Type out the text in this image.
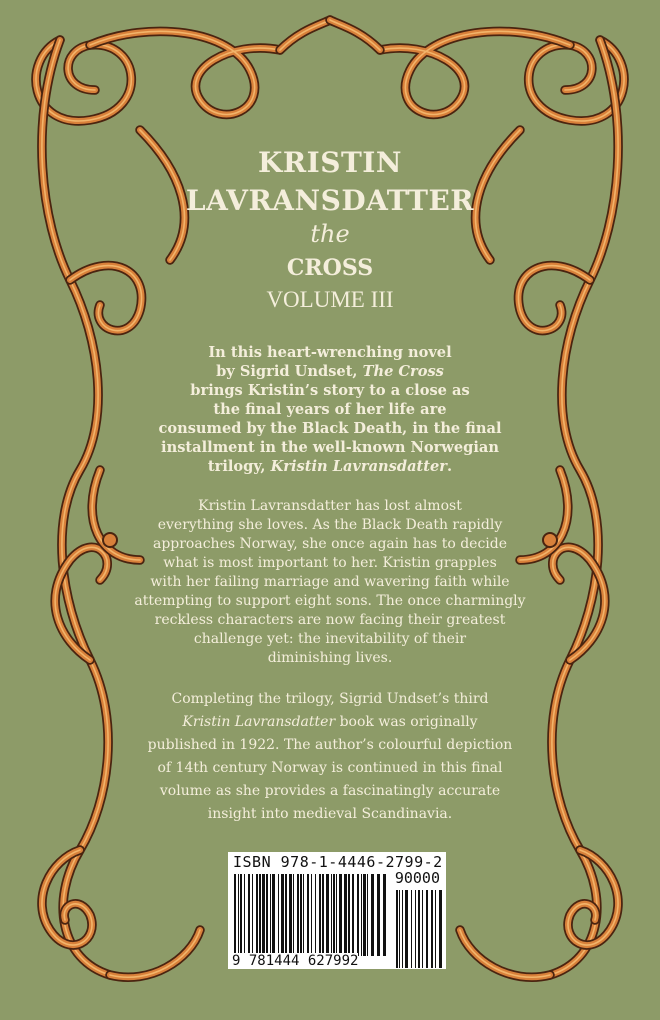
KRISTIN
LAVRANSDATTER
the
CROSS
VOLUME III
In this heart-wrenching novel
by Sigrid Undset, The Cross
brings Kristin’s story to a close as
the final years of her life are
consumed by the Black Death, in the final
installment in the well-known Norwegian
trilogy, Kristin Lavransdatter.
Kristin Lavransdatter has lost almost
everything she loves. As the Black Death rapidly
approaches Norway, she once again has to decide
what is most important to her. Kristin grapples
with her failing marriage and wavering faith while
attempting to support eight sons. The once charmingly
reckless characters are now facing their greatest
challenge yet: the inevitability of their
diminishing lives.
Completing the trilogy, Sigrid Undset’s third
Kristin Lavransdatter book was originally
published in 1922. The author’s colourful depiction
of 14th century Norway is continued in this final
volume as she provides a fascinatingly accurate
insight into medieval Scandinavia.
ISBN 978-1-4446-2799-2
90000
9 781444 627992
